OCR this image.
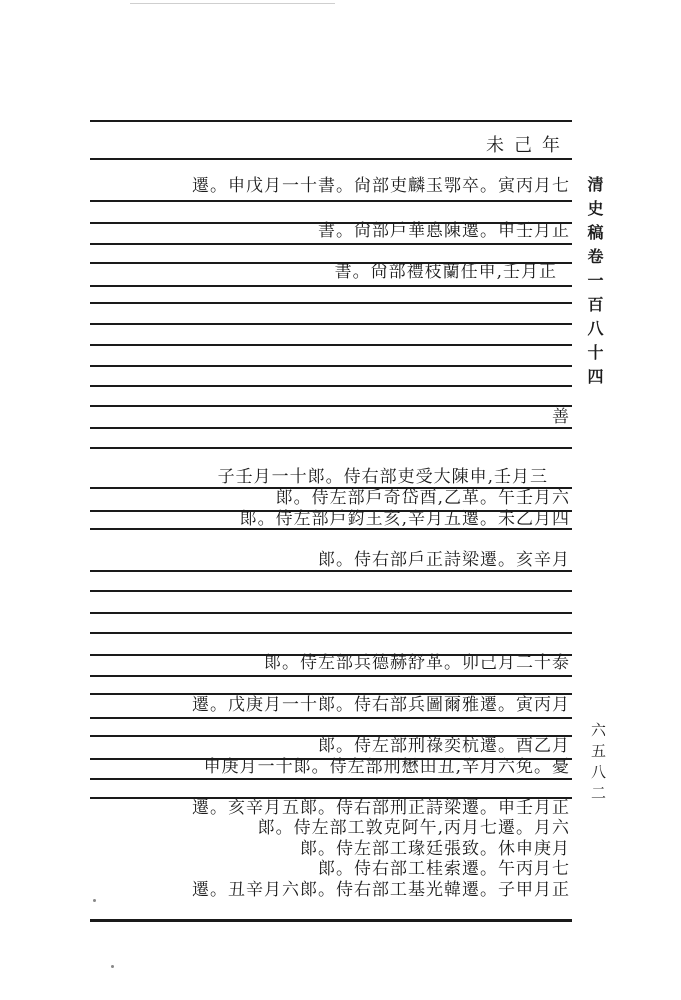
未己年
遷。申戊月一十書。尙部吏麟玉鄂卒。寅丙月七
書。尙部戶華悳陳遷。申壬月正
書。尙部禮枝蘭任申,壬月正
善
子壬月一十郞。侍右部吏受大陳申,壬月三
郞。侍左部戶奇岱酉,乙革。午壬月六
郞。侍左部戶鈞王亥,辛月五遷。未乙月四
郞。侍右部戶正詩梁遷。亥辛月
郞。侍左部兵德赫舒革。卯己月二十泰
遷。戊庚月一十郞。侍右部兵圖爾雅遷。寅丙月
郞。侍左部刑祿奕杭遷。酉乙月
申庚月一十郞。侍左部刑懋田丑,辛月六免。憂
遷。亥辛月五郞。侍右部刑正詩梁遷。申壬月正
郞。侍左部工敦克阿午,丙月七遷。月六
郞。侍左部工瑑廷張致。休申庚月
郞。侍右部工桂索遷。午丙月七
遷。丑辛月六郞。侍右部工基光韓遷。子甲月正
清史稿卷一百八十四
六五八二
